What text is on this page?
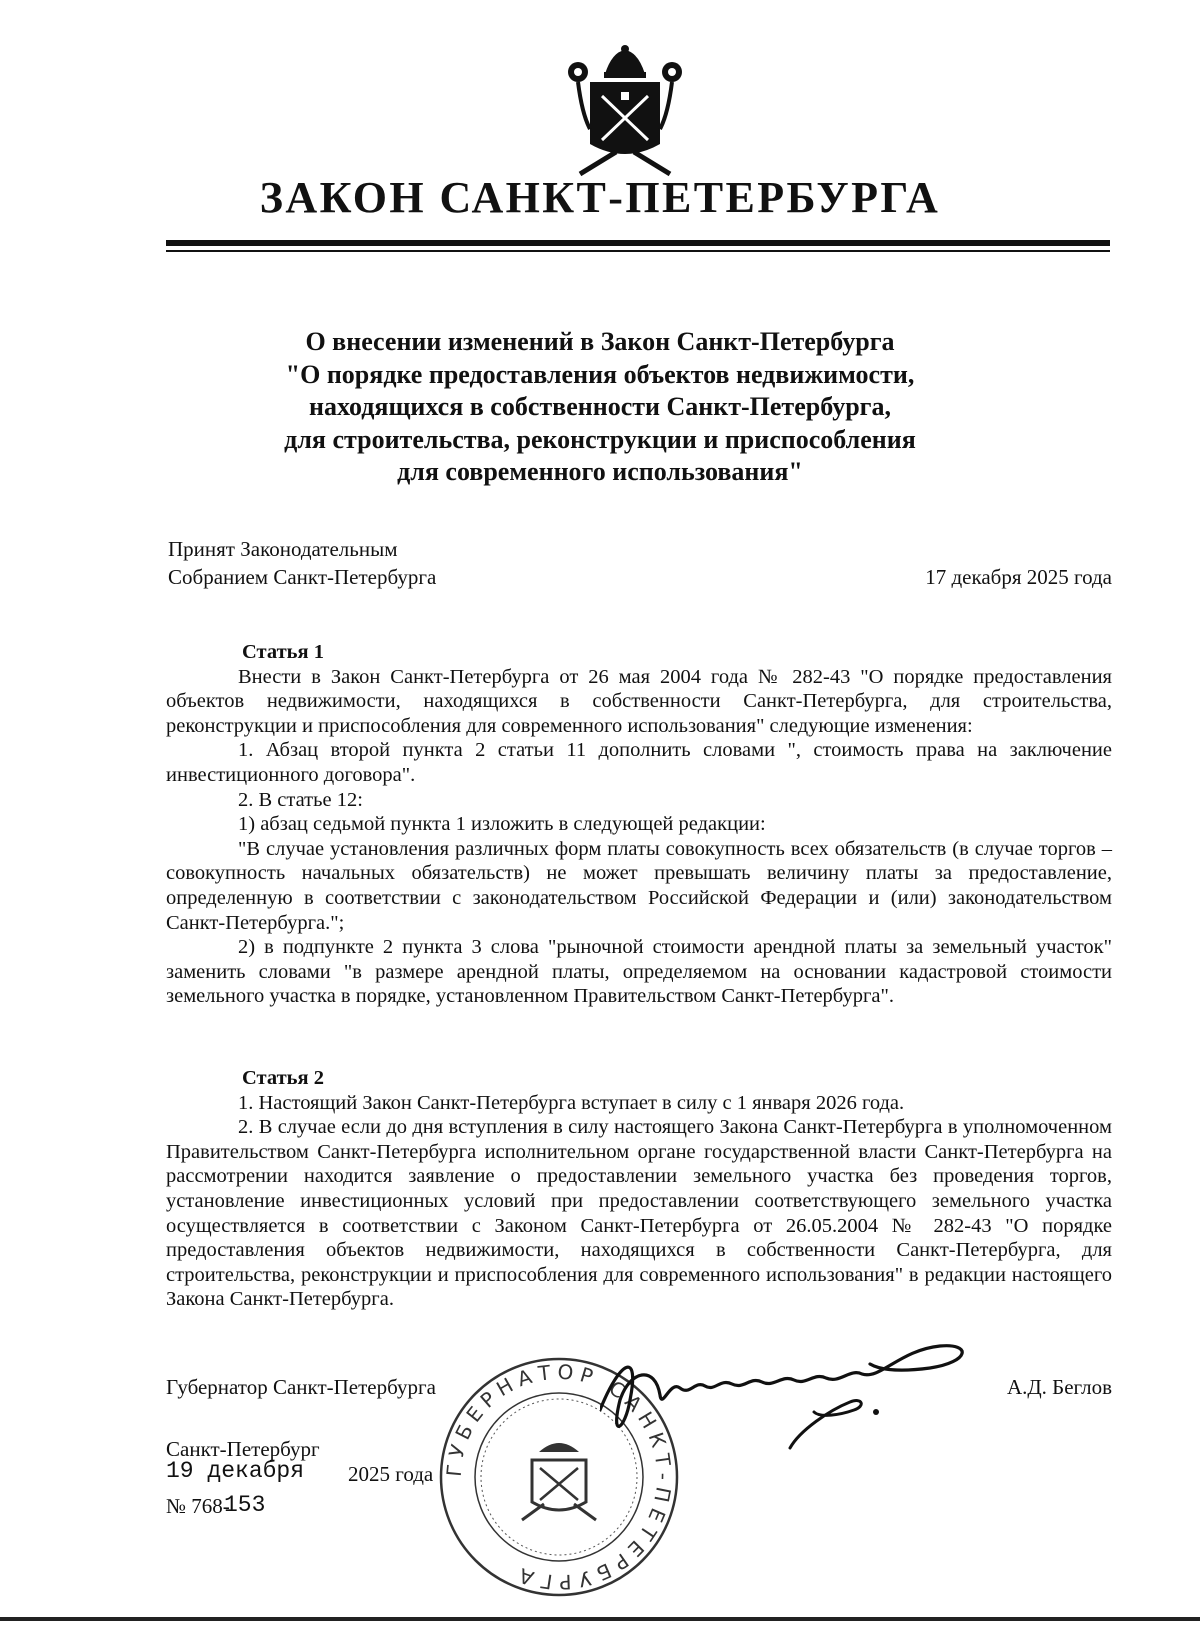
ЗАКОН САНКТ-ПЕТЕРБУРГА
О внесении изменений в Закон Санкт-Петербурга
"О порядке предоставления объектов недвижимости,
находящихся в собственности Санкт-Петербурга,
для строительства, реконструкции и приспособления
для современного использования"
Принят Законодательным
Собранием Санкт-Петербурга	17 декабря 2025 года
Статья 1

Внести в Закон Санкт-Петербурга от 26 мая 2004 года № 282-43 "О порядке предоставления объектов недвижимости, находящихся в собственности Санкт-Петербурга, для строительства, реконструкции и приспособления для современного использования" следующие изменения:

1. Абзац второй пункта 2 статьи 11 дополнить словами ", стоимость права на заключение инвестиционного договора".

2. В статье 12:

1) абзац седьмой пункта 1 изложить в следующей редакции:

"В случае установления различных форм платы совокупность всех обязательств (в случае торгов – совокупность начальных обязательств) не может превышать величину платы за предоставление, определенную в соответствии с законодательством Российской Федерации и (или) законодательством Санкт-Петербурга.";

2) в подпункте 2 пункта 3 слова "рыночной стоимости арендной платы за земельный участок" заменить словами "в размере арендной платы, определяемом на основании кадастровой стоимости земельного участка в порядке, установленном Правительством Санкт-Петербурга".

Статья 2

1. Настоящий Закон Санкт-Петербурга вступает в силу с 1 января 2026 года.

2. В случае если до дня вступления в силу настоящего Закона Санкт-Петербурга в уполномоченном Правительством Санкт-Петербурга исполнительном органе государственной власти Санкт-Петербурга на рассмотрении находится заявление о предоставлении земельного участка без проведения торгов, установление инвестиционных условий при предоставлении соответствующего земельного участка осуществляется в соответствии с Законом Санкт-Петербурга от 26.05.2004 № 282-43 "О порядке предоставления объектов недвижимости, находящихся в собственности Санкт-Петербурга, для строительства, реконструкции и приспособления для современного использования" в редакции настоящего Закона Санкт-Петербурга.

ГУБЕРНАТОР САНКТ-ПЕТЕРБУРГА
Губернатор Санкт-Петербурга	А.Д. Беглов
Санкт-Петербург
19 декабря 2025 года
№ 768-
153
